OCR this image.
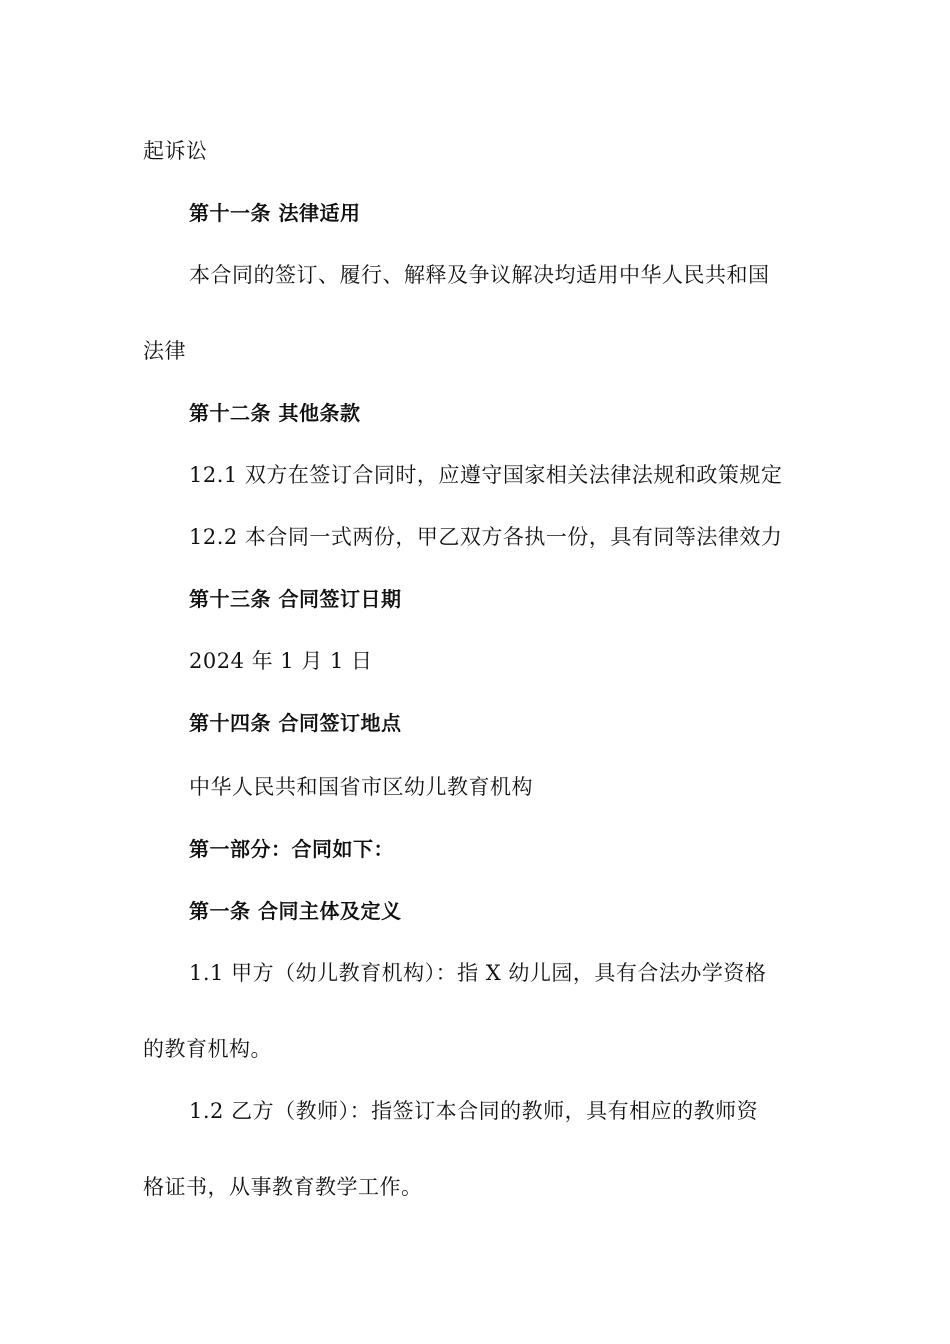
起诉讼
第十一条 法律适用
本合同的签订、履行、解释及争议解决均适用中华人民共和国
法律
第十二条 其他条款
12.1 双方在签订合同时，应遵守国家相关法律法规和政策规定
12.2 本合同一式两份，甲乙双方各执一份，具有同等法律效力
第十三条 合同签订日期
2024 年 1 月 1 日
第十四条 合同签订地点
中华人民共和国省市区幼儿教育机构
第一部分：合同如下：
第一条 合同主体及定义
1.1 甲方（幼儿教育机构）：指 X 幼儿园，具有合法办学资格
的教育机构。
1.2 乙方（教师）：指签订本合同的教师，具有相应的教师资
格证书，从事教育教学工作。
